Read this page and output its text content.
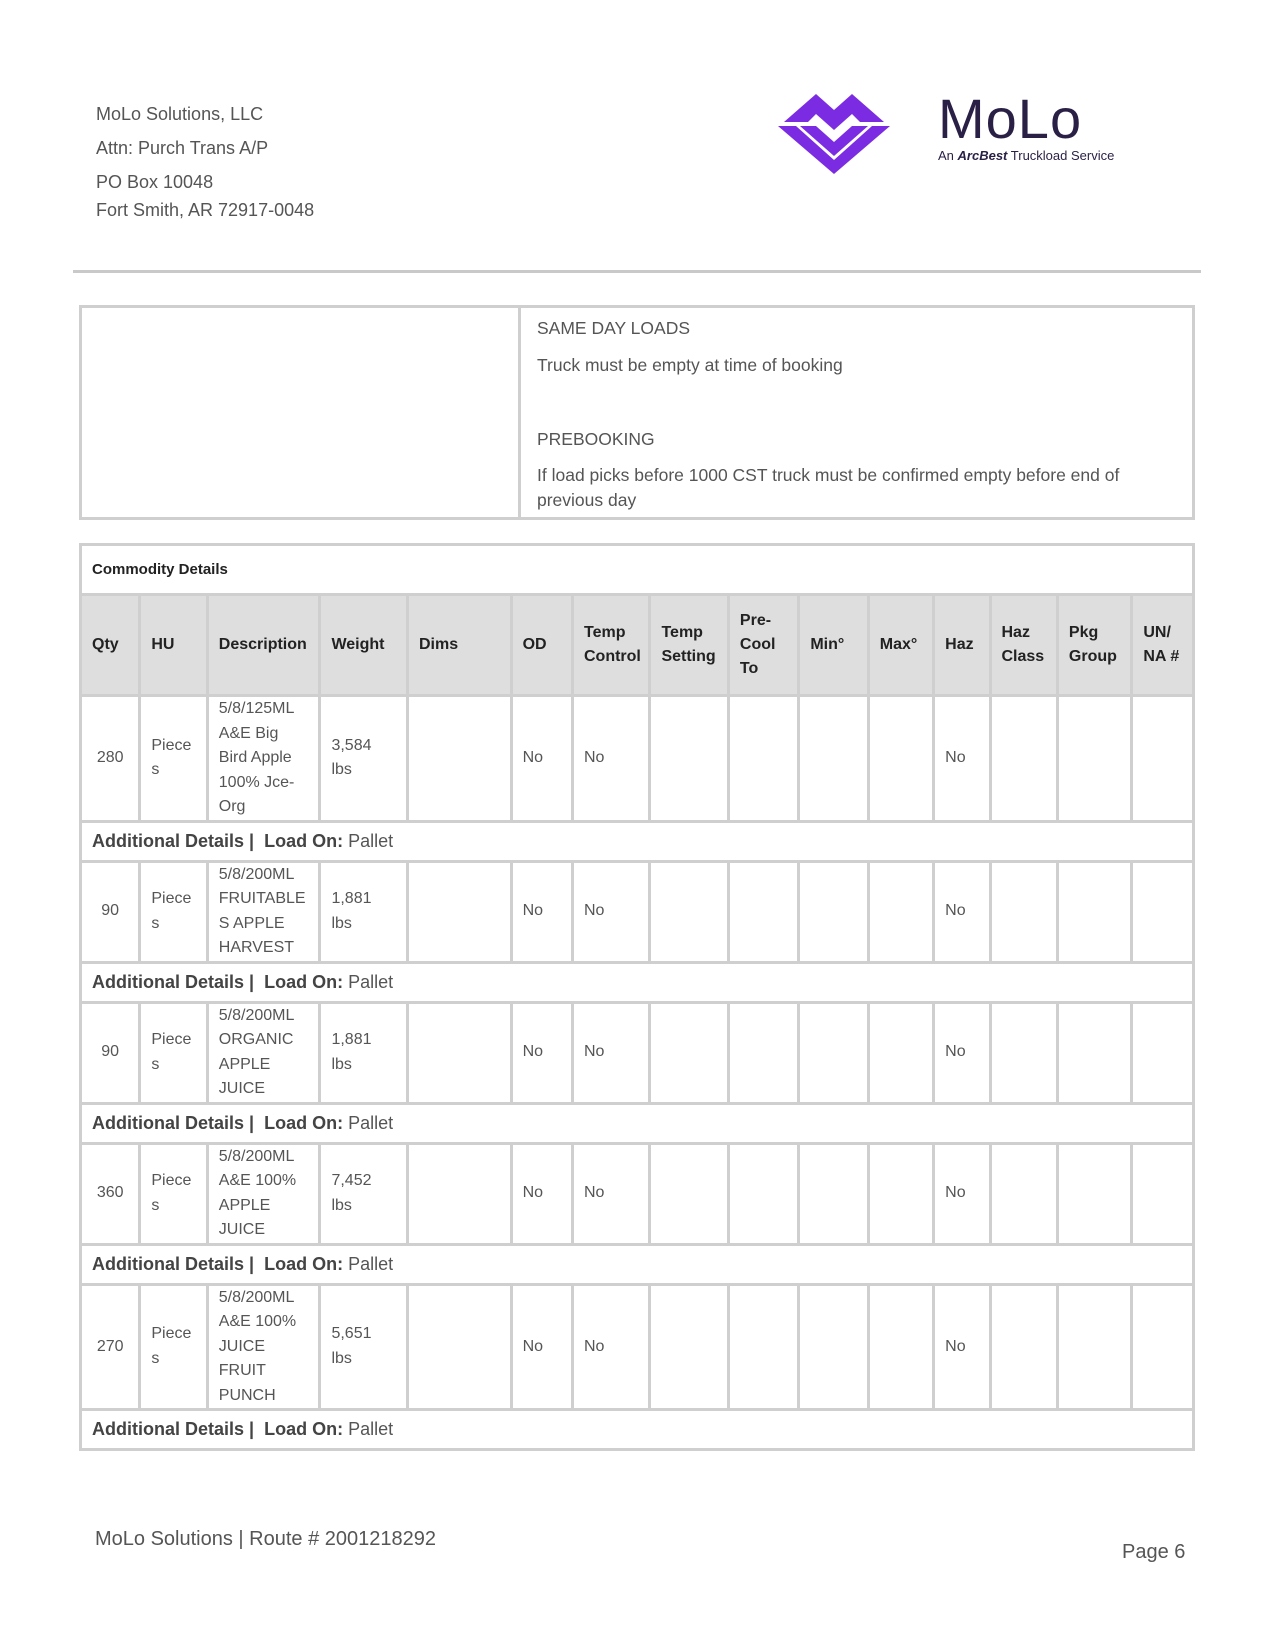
MoLo Solutions, LLC
Attn: Purch Trans A/P
PO Box 10048
Fort Smith, AR 72917-0048
MoLo
An ArcBest Truckload Service
SAME DAY LOADS
Truck must be empty at time of booking
PREBOOKING
If load picks before 1000 CST truck must be confirmed empty before end of previous day
Commodity Details														
Qty	HU	Description	Weight	Dims	OD	Temp Control	Temp Setting	Pre-Cool To	Min°	Max°	Haz	Haz Class	Pkg Group	UN/ NA #
280	Pieces	5/8/125ML A&E Big Bird Apple 100% Jce-Org	3,584 lbs		No	No					No			
Additional Details | Load On: Pallet														
90	Pieces	5/8/200ML FRUITABLES APPLE HARVEST	1,881 lbs		No	No					No			
Additional Details | Load On: Pallet														
90	Pieces	5/8/200ML ORGANIC APPLE JUICE	1,881 lbs		No	No					No			
Additional Details | Load On: Pallet														
360	Pieces	5/8/200ML A&E 100% APPLE JUICE	7,452 lbs		No	No					No			
Additional Details | Load On: Pallet														
270	Pieces	5/8/200ML A&E 100% JUICE FRUIT PUNCH	5,651 lbs		No	No					No			
Additional Details | Load On: Pallet														
MoLo Solutions | Route # 2001218292
Page 6
